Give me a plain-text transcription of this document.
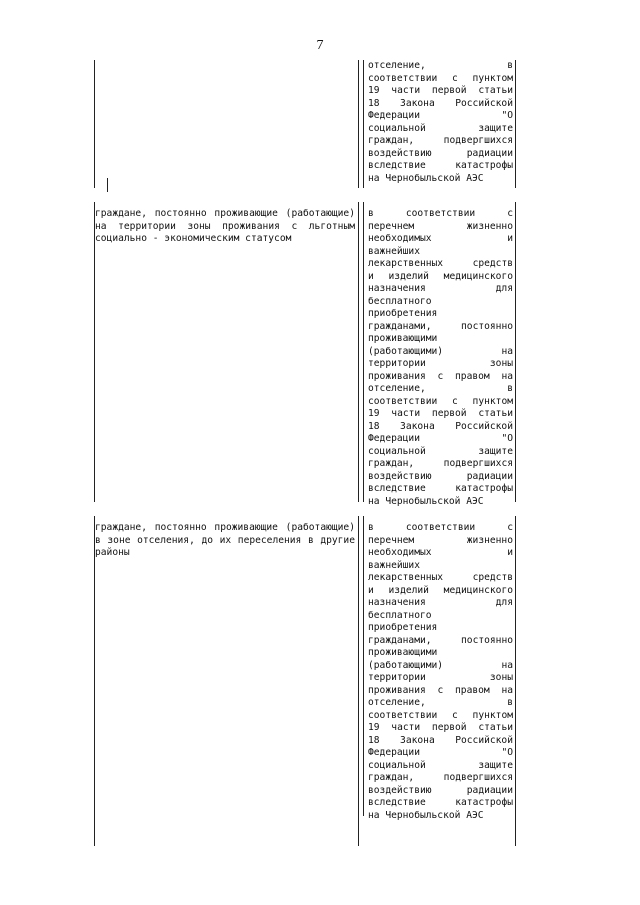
7
отселение, в
соответствии с пунктом
19 части первой статьи
18 Закона Российской
Федерации "О
социальной защите
граждан, подвергшихся
воздействию радиации
вследствие катастрофы
на Чернобыльской АЭС
граждане, постоянно проживающие (работающие) на территории зоны проживания с льготным социально - экономическим статусом
в соответствии с
перечнем жизненно
необходимых и
важнейших
лекарственных средств
и изделий медицинского
назначения для
бесплатного
приобретения
гражданами, постоянно
проживающими
(работающими) на
территории зоны
проживания с правом на
отселение, в
соответствии с пунктом
19 части первой статьи
18 Закона Российской
Федерации "О
социальной защите
граждан, подвергшихся
воздействию радиации
вследствие катастрофы
на Чернобыльской АЭС
граждане, постоянно проживающие (работающие) в зоне отселения, до их переселения в другие районы
в соответствии с
перечнем жизненно
необходимых и
важнейших
лекарственных средств
и изделий медицинского
назначения для
бесплатного
приобретения
гражданами, постоянно
проживающими
(работающими) на
территории зоны
проживания с правом на
отселение, в
соответствии с пунктом
19 части первой статьи
18 Закона Российской
Федерации "О
социальной защите
граждан, подвергшихся
воздействию радиации
вследствие катастрофы
на Чернобыльской АЭС
